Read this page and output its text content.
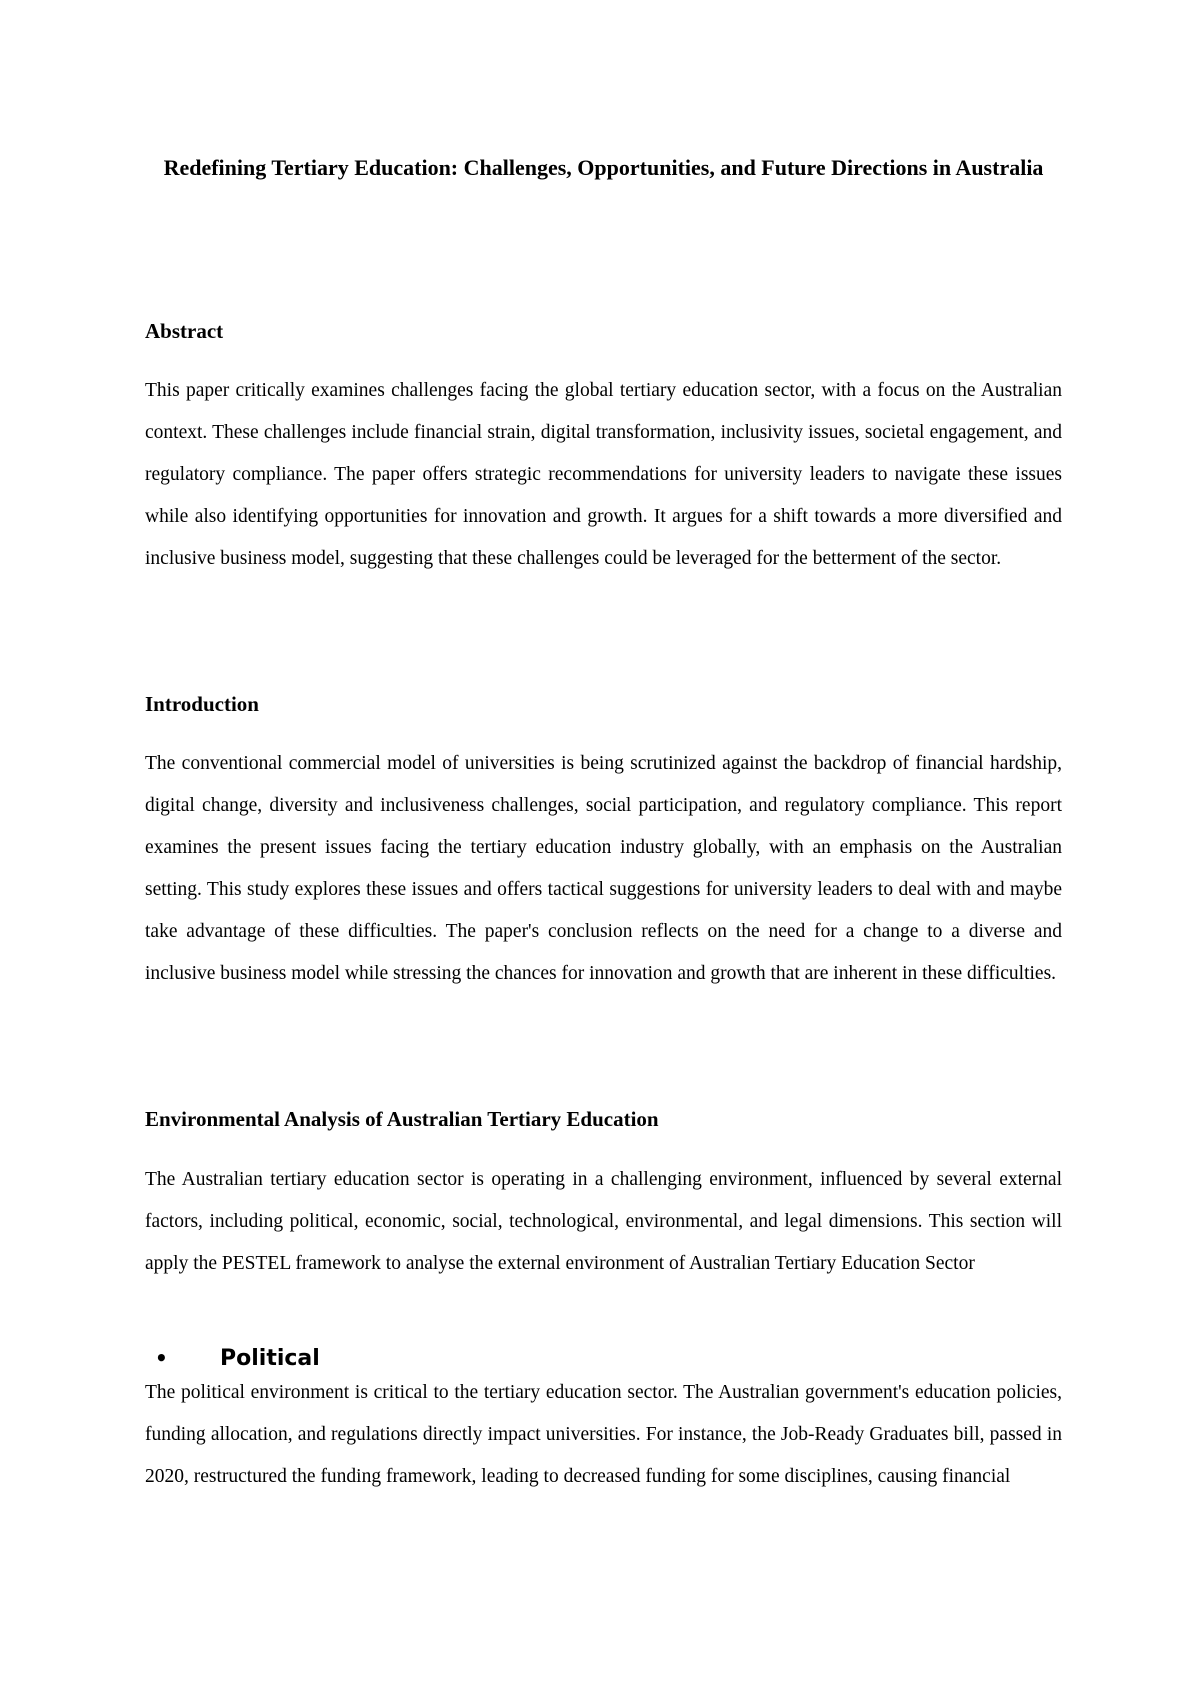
Redefining Tertiary Education: Challenges, Opportunities, and Future Directions in Australia
Abstract

This paper critically examines challenges facing the global tertiary education sector, with a focus on the Australian context. These challenges include financial strain, digital transformation, inclusivity issues, societal engagement, and regulatory compliance. The paper offers strategic recommendations for university leaders to navigate these issues while also identifying opportunities for innovation and growth. It argues for a shift towards a more diversified and inclusive business model, suggesting that these challenges could be leveraged for the betterment of the sector.

Introduction

The conventional commercial model of universities is being scrutinized against the backdrop of financial hardship, digital change, diversity and inclusiveness challenges, social participation, and regulatory compliance. This report examines the present issues facing the tertiary education industry globally, with an emphasis on the Australian setting. This study explores these issues and offers tactical suggestions for university leaders to deal with and maybe take advantage of these difficulties. The paper's conclusion reflects on the need for a change to a diverse and inclusive business model while stressing the chances for innovation and growth that are inherent in these difficulties.

Environmental Analysis of Australian Tertiary Education

The Australian tertiary education sector is operating in a challenging environment, influenced by several external factors, including political, economic, social, technological, environmental, and legal dimensions. This section will apply the PESTEL framework to analyse the external environment of Australian Tertiary Education Sector

•	Political

The political environment is critical to the tertiary education sector. The Australian government's education policies, funding allocation, and regulations directly impact universities. For instance, the Job-Ready Graduates bill, passed in 2020, restructured the funding framework, leading to decreased funding for some disciplines, causing financial
